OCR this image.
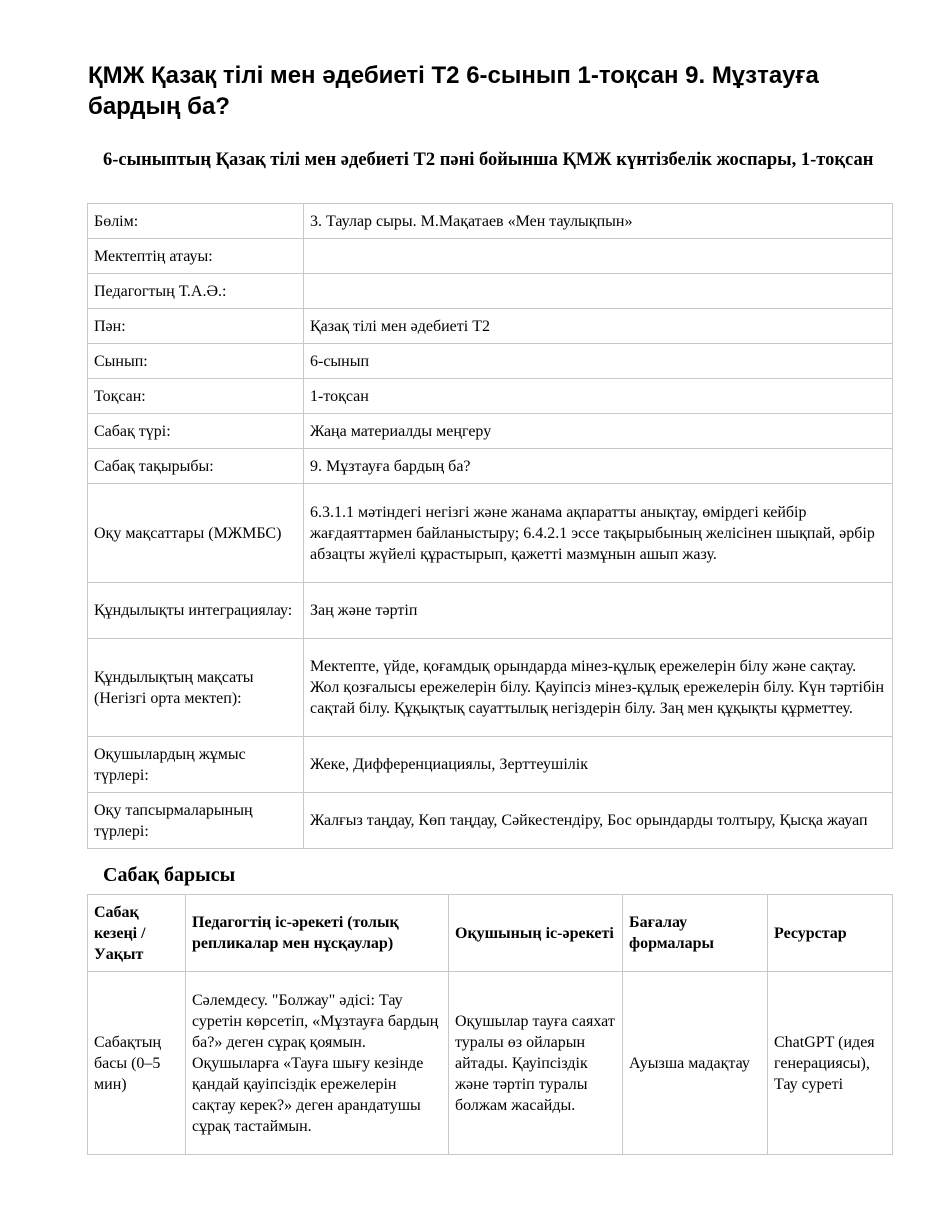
ҚМЖ Қазақ тілі мен әдебиеті Т2 6-сынып 1-тоқсан 9. Мұзтауға бардың ба?
6-сыныптың Қазақ тілі мен әдебиеті Т2 пәні бойынша ҚМЖ күнтізбелік жоспары, 1-тоқсан
Бөлім:	3. Таулар сыры. М.Мақатаев «Мен таулықпын»
Мектептің атауы:	
Педагогтың Т.А.Ә.:	
Пән:	Қазақ тілі мен әдебиеті Т2
Сынып:	6-сынып
Тоқсан:	1-тоқсан
Сабақ түрі:	Жаңа материалды меңгеру
Сабақ тақырыбы:	9. Мұзтауға бардың ба?
Оқу мақсаттары (МЖМБС)	6.3.1.1 мәтіндегі негізгі және жанама ақпаратты анықтау, өмірдегі кейбір жағдаяттармен байланыстыру; 6.4.2.1 эссе тақырыбының желісінен шықпай, әрбір абзацты жүйелі құрастырып, қажетті мазмұнын ашып жазу.
Құндылықты интеграциялау:	Заң және тәртіп
Құндылықтың мақсаты (Негізгі орта мектеп):	Мектепте, үйде, қоғамдық орындарда мінез-құлық ережелерін білу және сақтау. Жол қозғалысы ережелерін білу. Қауіпсіз мінез-құлық ережелерін білу. Күн тәртібін сақтай білу. Құқықтық сауаттылық негіздерін білу. Заң мен құқықты құрметтеу.
Оқушылардың жұмыс түрлері:	Жеке, Дифференциациялы, Зерттеушілік
Оқу тапсырмаларының түрлері:	Жалғыз таңдау, Көп таңдау, Сәйкестендіру, Бос орындарды толтыру, Қысқа жауап
Сабақ барысы
Сабақ кезеңі / Уақыт	Педагогтің іс-әрекеті (толық репликалар мен нұсқаулар)	Оқушының іс-әрекеті	Бағалау формалары	Ресурстар
Сабақтың басы (0–5 мин)	Сәлемдесу. "Болжау" әдісі: Тау суретін көрсетіп, «Мұзтауға бардың ба?» деген сұрақ қоямын. Оқушыларға «Тауға шығу кезінде қандай қауіпсіздік ережелерін сақтау керек?» деген арандатушы сұрақ тастаймын.	Оқушылар тауға саяхат туралы өз ойларын айтады. Қауіпсіздік және тәртіп туралы болжам жасайды.	Ауызша мадақтау	ChatGPT (идея генерациясы), Тау суреті
